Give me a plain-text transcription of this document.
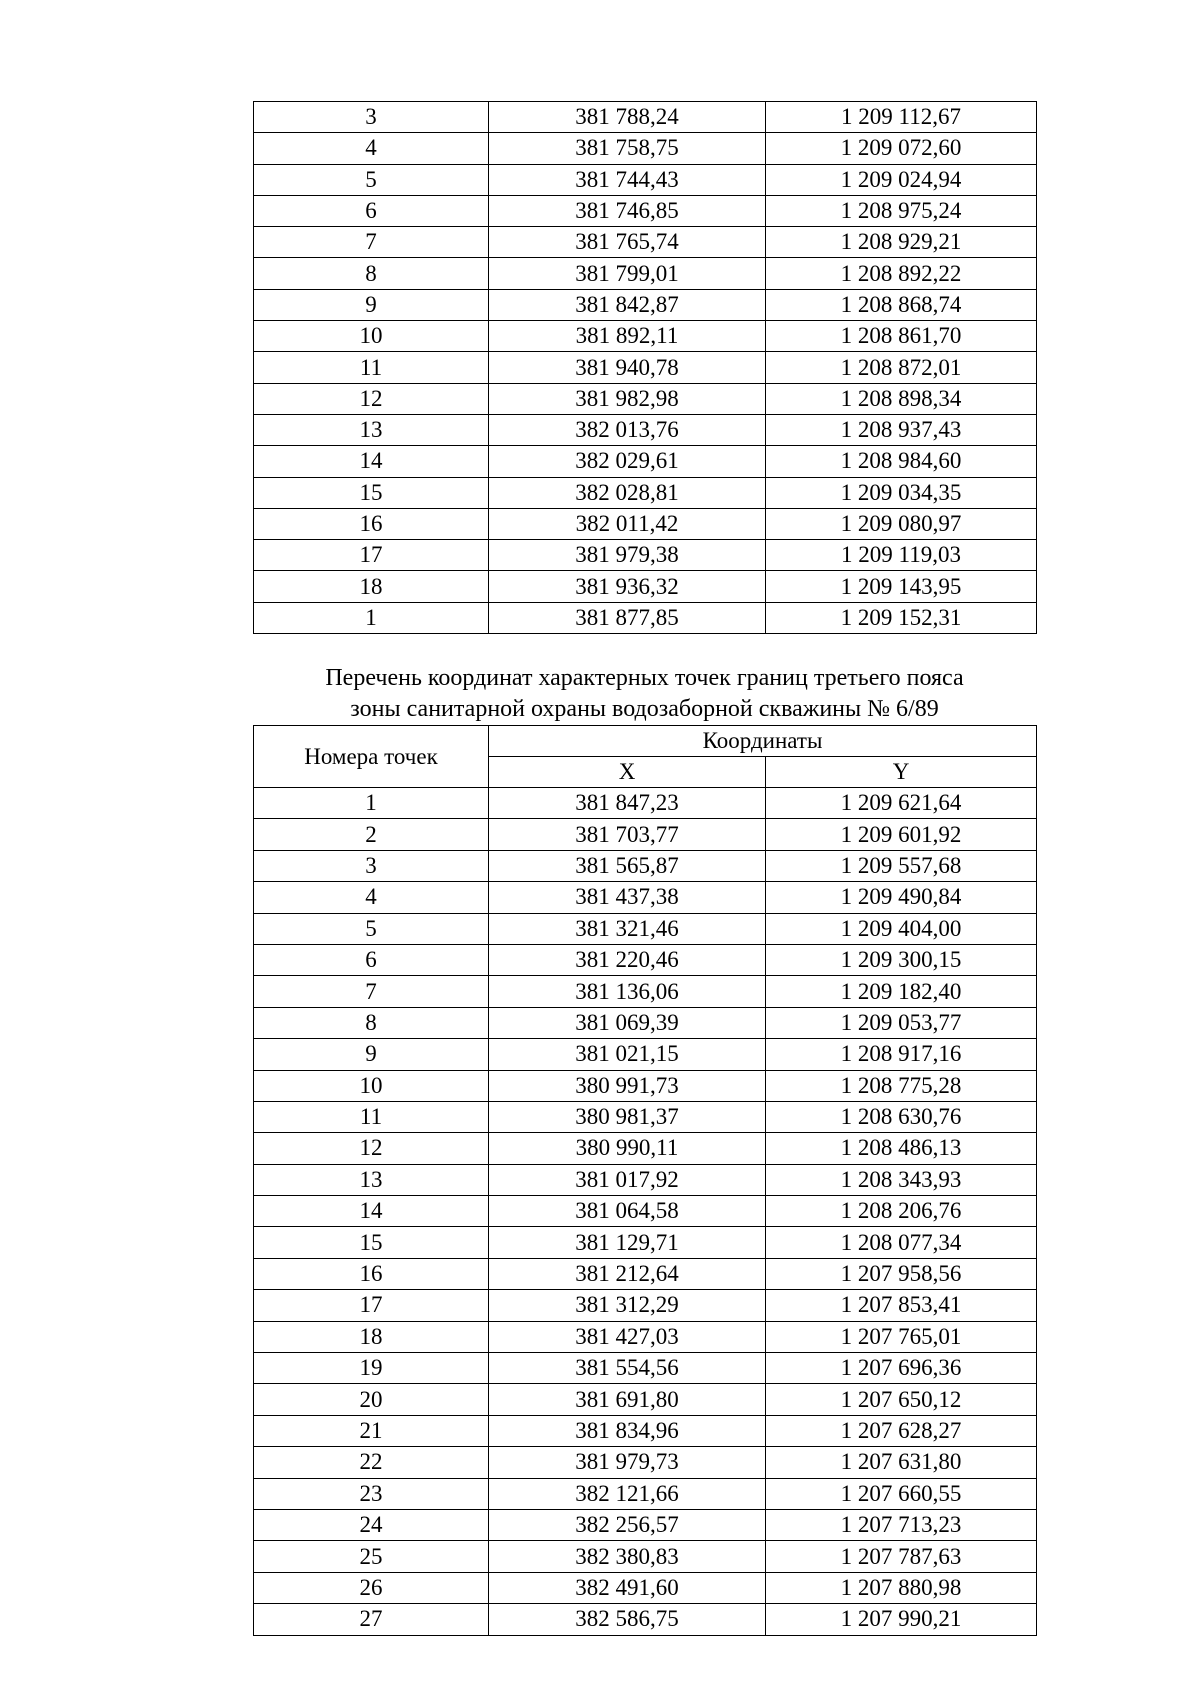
3	381 788,24	1 209 112,67
4	381 758,75	1 209 072,60
5	381 744,43	1 209 024,94
6	381 746,85	1 208 975,24
7	381 765,74	1 208 929,21
8	381 799,01	1 208 892,22
9	381 842,87	1 208 868,74
10	381 892,11	1 208 861,70
11	381 940,78	1 208 872,01
12	381 982,98	1 208 898,34
13	382 013,76	1 208 937,43
14	382 029,61	1 208 984,60
15	382 028,81	1 209 034,35
16	382 011,42	1 209 080,97
17	381 979,38	1 209 119,03
18	381 936,32	1 209 143,95
1	381 877,85	1 209 152,31
Перечень координат характерных точек границ третьего пояса
зоны санитарной охраны водозаборной скважины № 6/89
Номера точек	Координаты	
	X	Y
1	381 847,23	1 209 621,64
2	381 703,77	1 209 601,92
3	381 565,87	1 209 557,68
4	381 437,38	1 209 490,84
5	381 321,46	1 209 404,00
6	381 220,46	1 209 300,15
7	381 136,06	1 209 182,40
8	381 069,39	1 209 053,77
9	381 021,15	1 208 917,16
10	380 991,73	1 208 775,28
11	380 981,37	1 208 630,76
12	380 990,11	1 208 486,13
13	381 017,92	1 208 343,93
14	381 064,58	1 208 206,76
15	381 129,71	1 208 077,34
16	381 212,64	1 207 958,56
17	381 312,29	1 207 853,41
18	381 427,03	1 207 765,01
19	381 554,56	1 207 696,36
20	381 691,80	1 207 650,12
21	381 834,96	1 207 628,27
22	381 979,73	1 207 631,80
23	382 121,66	1 207 660,55
24	382 256,57	1 207 713,23
25	382 380,83	1 207 787,63
26	382 491,60	1 207 880,98
27	382 586,75	1 207 990,21
